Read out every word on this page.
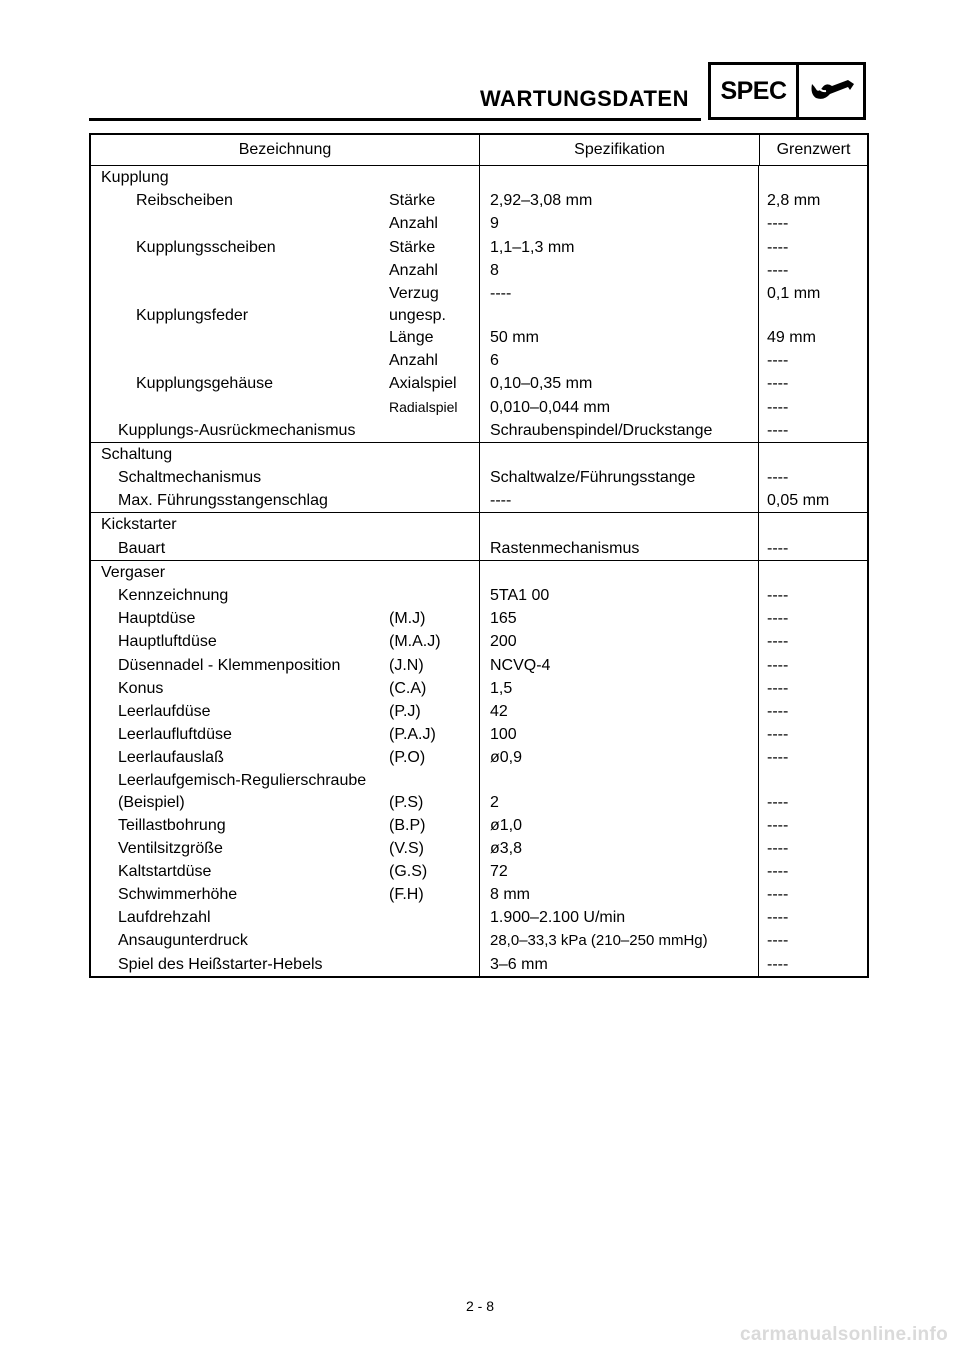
WARTUNGSDATEN	SPEC
Bezeichnung	Spezifikation	Grenzwert
Kupplung
Reibscheiben	Stärke	2,92–3,08 mm	2,8 mm
Anzahl	9	----
Kupplungsscheiben	Stärke	1,1–1,3 mm	----
Anzahl	8	----
Verzug	----	0,1 mm
Kupplungsfeder	ungesp.
Länge	50 mm	49 mm
Anzahl	6	----
Kupplungsgehäuse	Axialspiel 0,10–0,35 mm	----
Radialspiel 0,010–0,044 mm	----
Kupplungs-Ausrückmechanismus	Schraubenspindel/Druckstange	----
Schaltung
Schaltmechanismus	Schaltwalze/Führungsstange	----
Max. Führungsstangenschlag	----	0,05 mm
Kickstarter
Bauart	Rastenmechanismus	----
Vergaser
Kennzeichnung	5TA1 00	----
Hauptdüse	(M.J)	165	----
Hauptluftdüse	(M.A.J)	200	----
Düsennadel - Klemmenposition	(J.N)	NCVQ-4	----
Konus	(C.A)	1,5	----
Leerlaufdüse	(P.J)	42	----
Leerlaufluftdüse	(P.A.J)	100	----
Leerlaufauslaß	(P.O)	ø0,9	----
Leerlaufgemisch-Regulierschraube
(Beispiel)	(P.S)	2	----
Teillastbohrung	(B.P)	ø1,0	----
Ventilsitzgröße	(V.S)	ø3,8	----
Kaltstartdüse	(G.S)	72	----
Schwimmerhöhe	(F.H)	8 mm	----
Laufdrehzahl	1.900–2.100 U/min	----
Ansaugunterdruck	28,0–33,3 kPa (210–250 mmHg)	----
Spiel des Heißstarter-Hebels	3–6 mm	----
2 - 8
carmanualsonline.info
